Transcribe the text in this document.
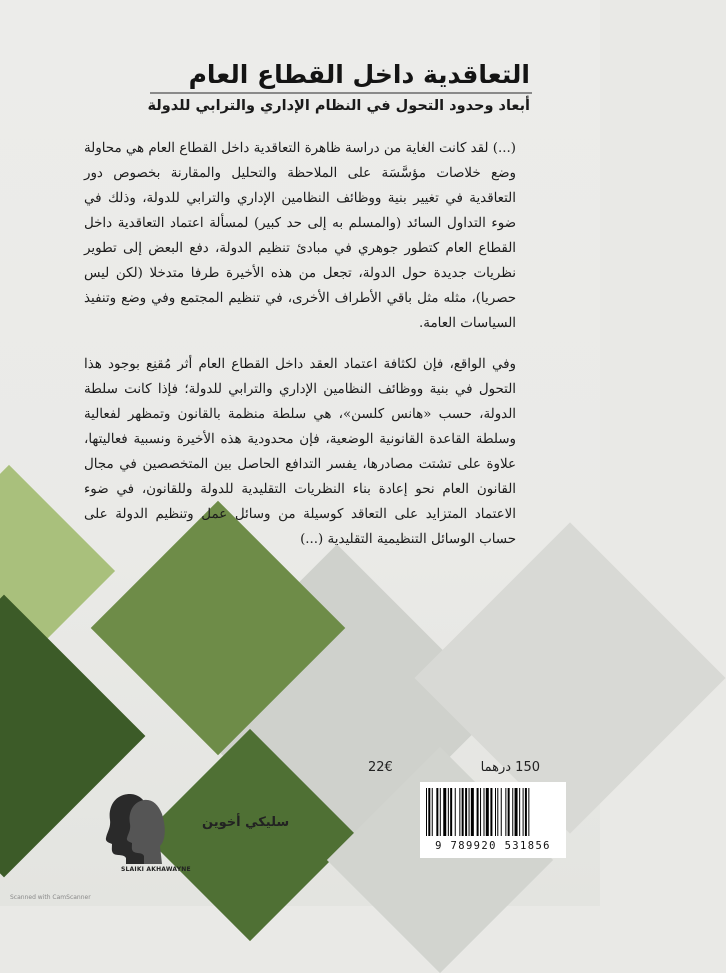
التعاقدية داخل القطاع العام
أبعاد وحدود التحول في النظام الإداري والترابي للدولة

(...) لقد كانت الغاية من دراسة ظاهرة التعاقدية داخل القطاع العام هي محاولة وضع خلاصات مؤسَّسَة على الملاحظة والتحليل والمقارنة بخصوص دور التعاقدية في تغيير بنية ووظائف النظامين الإداري والترابي للدولة، وذلك في ضوء التداول السائد (والمسلم به إلى حد كبير) لمسألة اعتماد التعاقدية داخل القطاع العام كتطور جوهري في مبادئ تنظيم الدولة، دفع البعض إلى تطوير نظريات جديدة حول الدولة، تجعل من هذه الأخيرة طرفا متدخلا (لكن ليس حصريا)، مثله مثل باقي الأطراف الأخرى، في تنظيم المجتمع وفي وضع وتنفيذ السياسات العامة.

وفي الواقع، فإن لكثافة اعتماد العقد داخل القطاع العام أثر مُقنِع بوجود هذا التحول في بنية ووظائف النظامين الإداري والترابي للدولة؛ فإذا كانت سلطة الدولة، حسب «هانس كلسن»، هي سلطة منظمة بالقانون وتمظهر لفعالية وسلطة القاعدة القانونية الوضعية، فإن محدودية هذه الأخيرة ونسبية فعاليتها، علاوة على تشتت مصادرها، يفسر التدافع الحاصل بين المتخصصين في مجال القانون العام نحو إعادة بناء النظريات التقليدية للدولة وللقانون، في ضوء الاعتماد المتزايد على التعاقد كوسيلة من وسائل عمل وتنظيم الدولة على حساب الوسائل التنظيمية التقليدية (...)

150 درهما
22€
9 789920 531856
سليكي أخوين
SLAIKI AKHAWAYNE
Scanned with CamScanner
